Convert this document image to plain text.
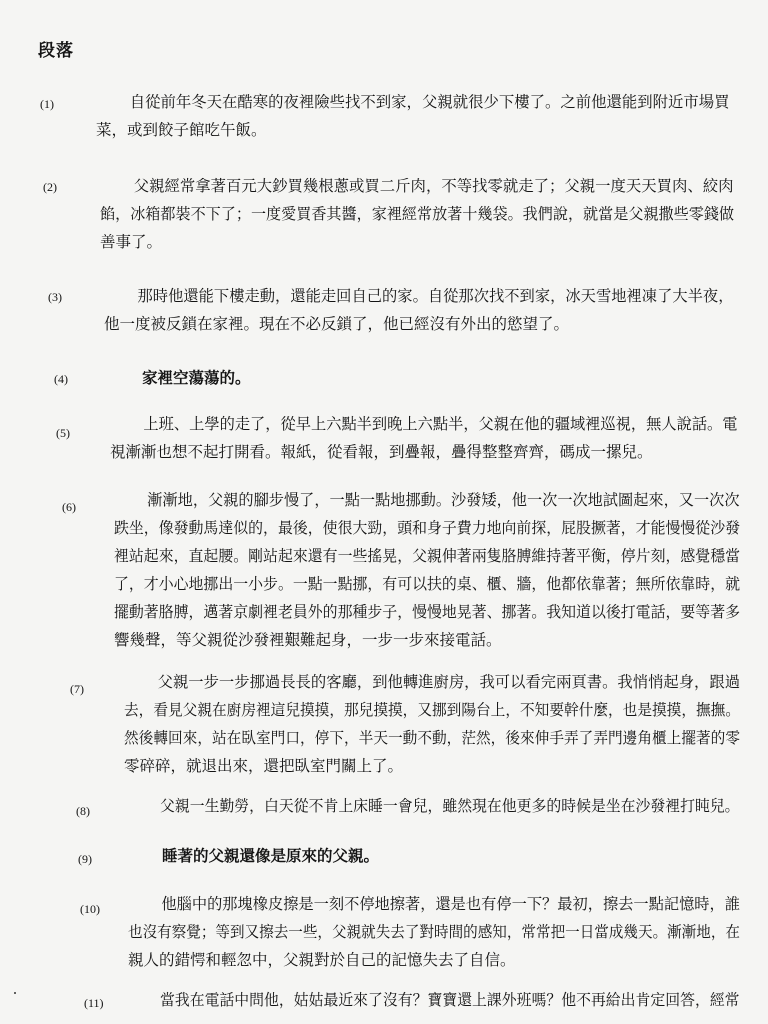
段落
(1)	自從前年冬天在酷寒的夜裡險些找不到家，父親就很少下樓了。之前他還能到附近市場買
菜，或到餃子館吃午飯。

(2)	父親經常拿著百元大鈔買幾根蔥或買二斤肉，不等找零就走了；父親一度天天買肉、絞肉
餡，冰箱都裝不下了；一度愛買香其醬，家裡經常放著十幾袋。我們說，就當是父親撒些零錢做
善事了。

(3)	那時他還能下樓走動，還能走回自己的家。自從那次找不到家，冰天雪地裡凍了大半夜，
他一度被反鎖在家裡。現在不必反鎖了，他已經沒有外出的慾望了。

(4)	家裡空蕩蕩的。

(5)	上班、上學的走了，從早上六點半到晚上六點半，父親在他的疆域裡巡視，無人說話。電
視漸漸也想不起打開看。報紙，從看報，到疊報，疊得整整齊齊，碼成一摞兒。

(6)	漸漸地，父親的腳步慢了，一點一點地挪動。沙發矮，他一次一次地試圖起來，又一次次
跌坐，像發動馬達似的，最後，使很大勁，頭和身子費力地向前探，屁股撅著，才能慢慢從沙發
裡站起來，直起腰。剛站起來還有一些搖晃，父親伸著兩隻胳膊維持著平衡，停片刻，感覺穩當
了，才小心地挪出一小步。一點一點挪，有可以扶的桌、櫃、牆，他都依靠著；無所依靠時，就
擺動著胳膊，邁著京劇裡老員外的那種步子，慢慢地晃著、挪著。我知道以後打電話，要等著多
響幾聲，等父親從沙發裡艱難起身，一步一步來接電話。

(7)	父親一步一步挪過長長的客廳，到他轉進廚房，我可以看完兩頁書。我悄悄起身，跟過
去，看見父親在廚房裡這兒摸摸，那兒摸摸，又挪到陽台上，不知要幹什麼，也是摸摸，撫撫。
然後轉回來，站在臥室門口，停下，半天一動不動，茫然，後來伸手弄了弄門邊角櫃上擺著的零
零碎碎，就退出來，還把臥室門關上了。

(8)	父親一生勤勞，白天從不肯上床睡一會兒，雖然現在他更多的時候是坐在沙發裡打盹兒。

(9)	睡著的父親還像是原來的父親。

(10)	他腦中的那塊橡皮擦是一刻不停地擦著，還是也有停一下？最初，擦去一點記憶時，誰
也沒有察覺；等到又擦去一些，父親就失去了對時間的感知，常常把一日當成幾天。漸漸地，在
親人的錯愕和輕忽中，父親對於自己的記憶失去了自信。

(11)	當我在電話中問他，姑姑最近來了沒有？寶寶還上課外班嗎？他不再給出肯定回答，經常
